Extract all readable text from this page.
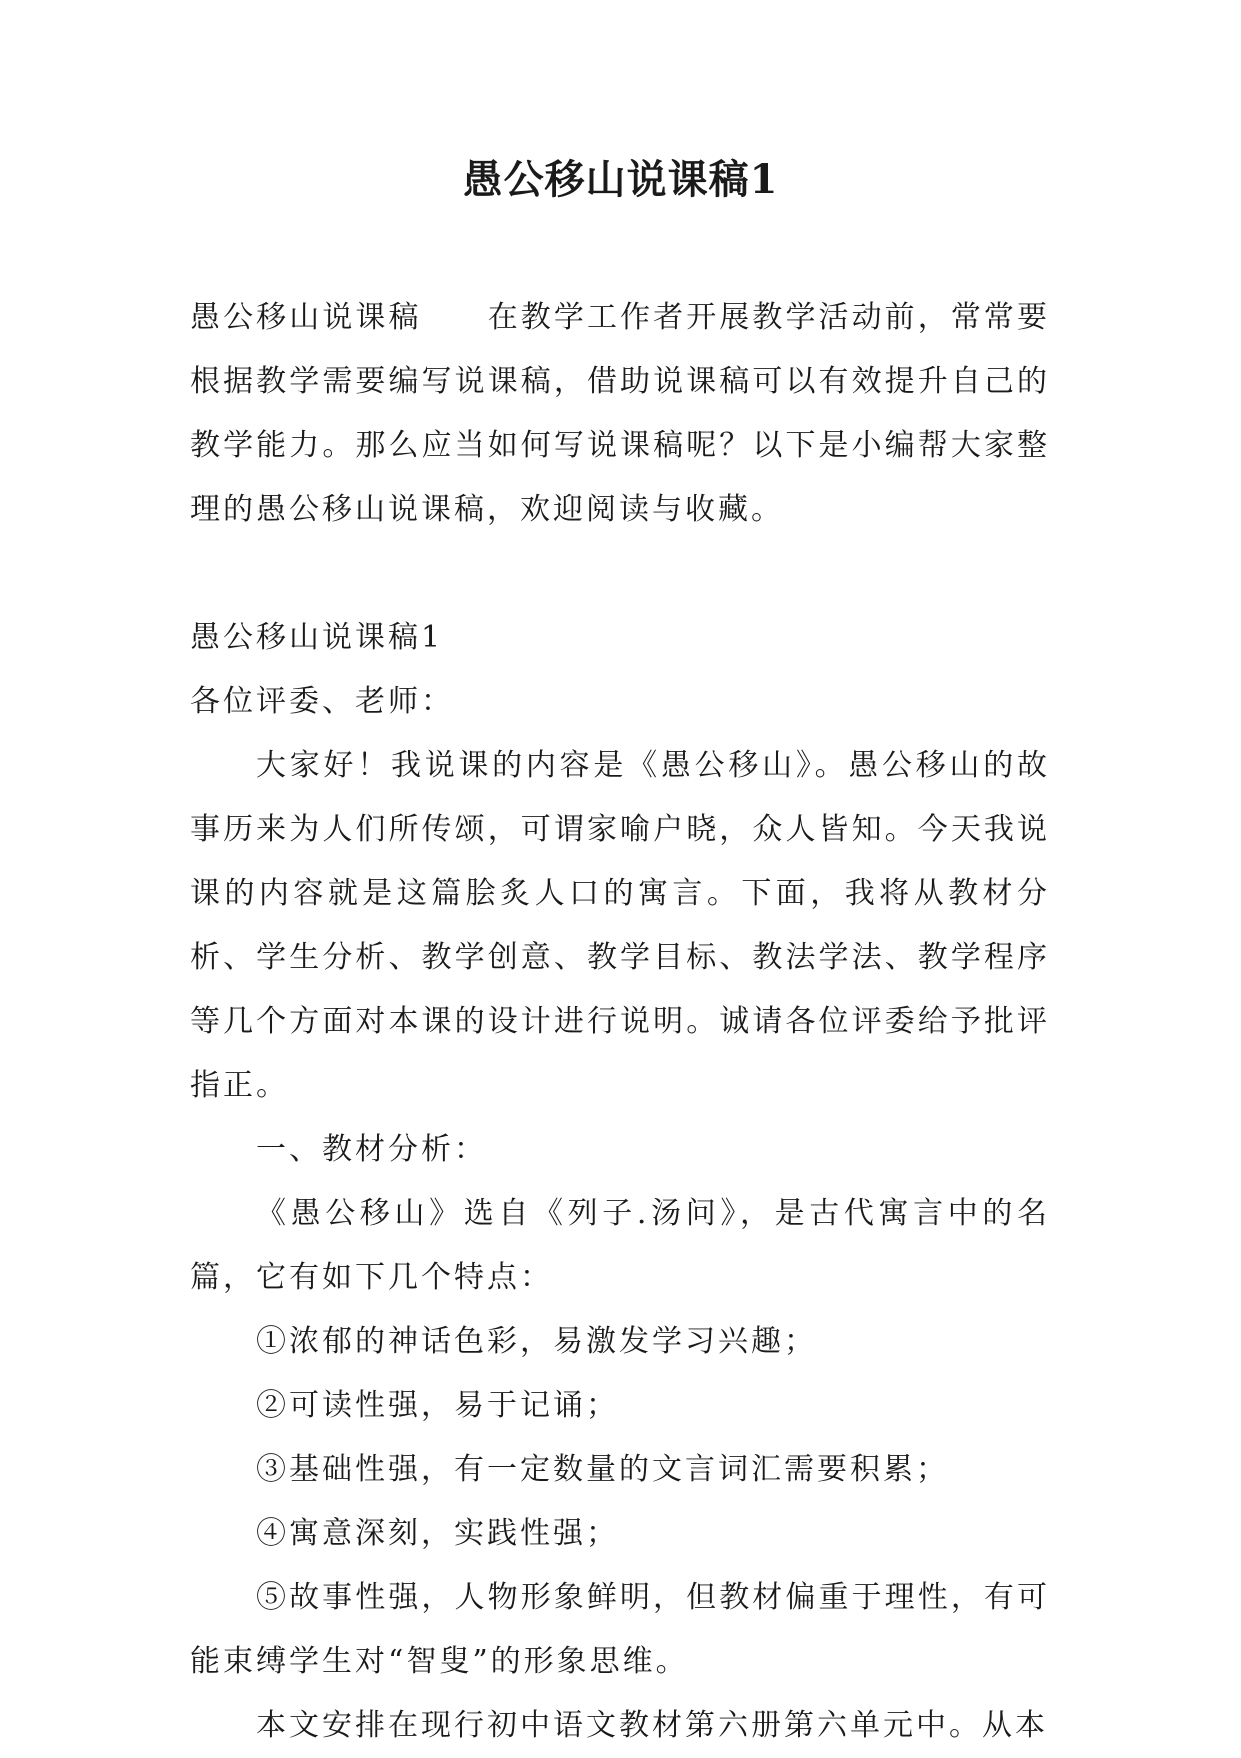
愚公移山说课稿1

愚公移山说课稿　　在教学工作者开展教学活动前，常常要根据教学需要编写说课稿，借助说课稿可以有效提升自己的教学能力。那么应当如何写说课稿呢？以下是小编帮大家整理的愚公移山说课稿，欢迎阅读与收藏。

愚公移山说课稿1

各位评委、老师：

大家好！我说课的内容是《愚公移山》。愚公移山的故事历来为人们所传颂，可谓家喻户晓，众人皆知。今天我说课的内容就是这篇脍炙人口的寓言。下面，我将从教材分析、学生分析、教学创意、教学目标、教法学法、教学程序等几个方面对本课的设计进行说明。诚请各位评委给予批评指正。

一、教材分析：

《愚公移山》选自《列子.汤问》，是古代寓言中的名篇，它有如下几个特点：

①浓郁的神话色彩，易激发学习兴趣；

②可读性强，易于记诵；

③基础性强，有一定数量的文言词汇需要积累；

④寓意深刻，实践性强；

⑤故事性强，人物形象鲜明，但教材偏重于理性，有可能束缚学生对“智叟”的形象思维。

本文安排在现行初中语文教材第六册第六单元中。从本
